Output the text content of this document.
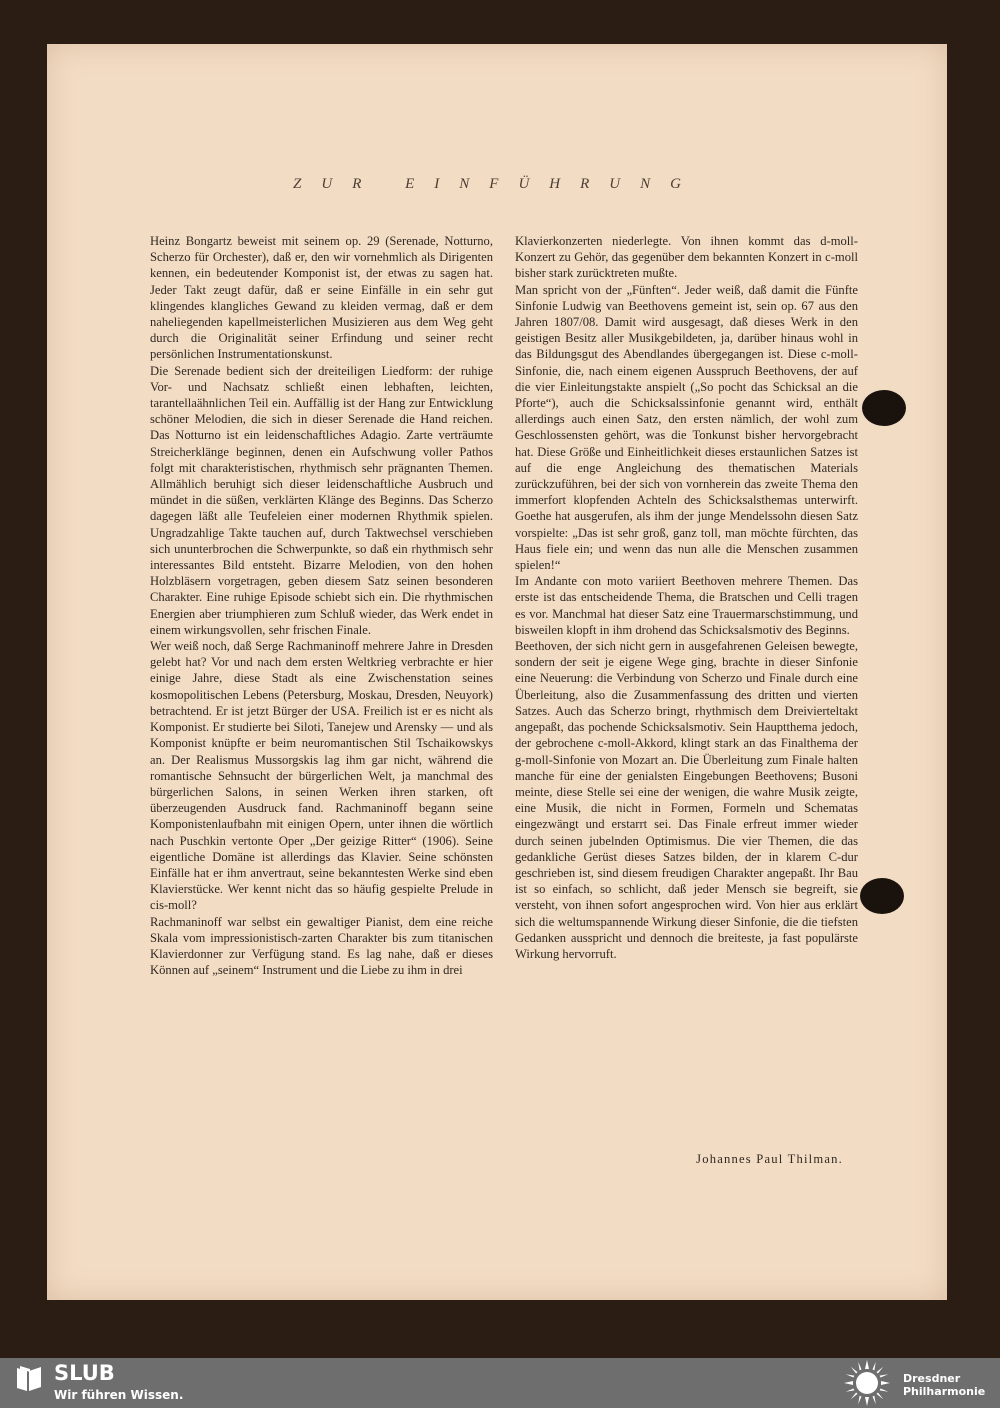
ZUR EINFÜHRUNG

Heinz Bongartz beweist mit seinem op. 29 (Serenade, Notturno, Scherzo für Orchester), daß er, den wir vornehmlich als Dirigenten kennen, ein bedeutender Komponist ist, der etwas zu sagen hat. Jeder Takt zeugt dafür, daß er seine Einfälle in ein sehr gut klingendes klangliches Gewand zu kleiden vermag, daß er dem naheliegenden kapellmeisterlichen Musizieren aus dem Weg geht durch die Originalität seiner Erfindung und seiner recht persönlichen Instrumentationskunst.

Die Serenade bedient sich der dreiteiligen Liedform: der ruhige Vor- und Nachsatz schließt einen lebhaften, leichten, tarantellaähnlichen Teil ein. Auffällig ist der Hang zur Entwicklung schöner Melodien, die sich in dieser Serenade die Hand reichen. Das Notturno ist ein leidenschaftliches Adagio. Zarte verträumte Streicherklänge beginnen, denen ein Aufschwung voller Pathos folgt mit charakteristischen, rhythmisch sehr prägnanten Themen. Allmählich beruhigt sich dieser leidenschaftliche Ausbruch und mündet in die süßen, verklärten Klänge des Beginns. Das Scherzo dagegen läßt alle Teufeleien einer modernen Rhythmik spielen. Ungradzahlige Takte tauchen auf, durch Taktwechsel verschieben sich ununterbrochen die Schwerpunkte, so daß ein rhythmisch sehr interessantes Bild entsteht. Bizarre Melodien, von den hohen Holzbläsern vorgetragen, geben diesem Satz seinen besonderen Charakter. Eine ruhige Episode schiebt sich ein. Die rhythmischen Energien aber triumphieren zum Schluß wieder, das Werk endet in einem wirkungsvollen, sehr frischen Finale.

Wer weiß noch, daß Serge Rachmaninoff mehrere Jahre in Dresden gelebt hat? Vor und nach dem ersten Weltkrieg verbrachte er hier einige Jahre, diese Stadt als eine Zwischenstation seines kosmopolitischen Lebens (Petersburg, Moskau, Dresden, Neuyork) betrachtend. Er ist jetzt Bürger der USA. Freilich ist er es nicht als Komponist. Er studierte bei Siloti, Tanejew und Arensky — und als Komponist knüpfte er beim neuromantischen Stil Tschaikowskys an. Der Realismus Mussorgskis lag ihm gar nicht, während die romantische Sehnsucht der bürgerlichen Welt, ja manchmal des bürgerlichen Salons, in seinen Werken ihren starken, oft überzeugenden Ausdruck fand. Rachmaninoff begann seine Komponistenlaufbahn mit einigen Opern, unter ihnen die wörtlich nach Puschkin vertonte Oper „Der geizige Ritter“ (1906). Seine eigentliche Domäne ist allerdings das Klavier. Seine schönsten Einfälle hat er ihm anvertraut, seine bekanntesten Werke sind eben Klavierstücke. Wer kennt nicht das so häufig gespielte Prelude in cis-moll?

Rachmaninoff war selbst ein gewaltiger Pianist, dem eine reiche Skala vom impressionistisch-zarten Charakter bis zum titanischen Klavierdonner zur Verfügung stand. Es lag nahe, daß er dieses Können auf „seinem“ Instrument und die Liebe zu ihm in drei

Klavierkonzerten niederlegte. Von ihnen kommt das d-moll-Konzert zu Gehör, das gegenüber dem bekannten Konzert in c-moll bisher stark zurücktreten mußte.

Man spricht von der „Fünften“. Jeder weiß, daß damit die Fünfte Sinfonie Ludwig van Beethovens gemeint ist, sein op. 67 aus den Jahren 1807/08. Damit wird ausgesagt, daß dieses Werk in den geistigen Besitz aller Musikgebildeten, ja, darüber hinaus wohl in das Bildungsgut des Abendlandes übergegangen ist. Diese c-moll-Sinfonie, die, nach einem eigenen Ausspruch Beethovens, der auf die vier Einleitungstakte anspielt („So pocht das Schicksal an die Pforte“), auch die Schicksalssinfonie genannt wird, enthält allerdings auch einen Satz, den ersten nämlich, der wohl zum Geschlossensten gehört, was die Tonkunst bisher hervorgebracht hat. Diese Größe und Einheitlichkeit dieses erstaunlichen Satzes ist auf die enge Angleichung des thematischen Materials zurückzuführen, bei der sich von vornherein das zweite Thema den immerfort klopfenden Achteln des Schicksalsthemas unterwirft. Goethe hat ausgerufen, als ihm der junge Mendelssohn diesen Satz vorspielte: „Das ist sehr groß, ganz toll, man möchte fürchten, das Haus fiele ein; und wenn das nun alle die Menschen zusammen spielen!“

Im Andante con moto variiert Beethoven mehrere Themen. Das erste ist das entscheidende Thema, die Bratschen und Celli tragen es vor. Manchmal hat dieser Satz eine Trauermarschstimmung, und bisweilen klopft in ihm drohend das Schicksalsmotiv des Beginns.

Beethoven, der sich nicht gern in ausgefahrenen Geleisen bewegte, sondern der seit je eigene Wege ging, brachte in dieser Sinfonie eine Neuerung: die Verbindung von Scherzo und Finale durch eine Überleitung, also die Zusammenfassung des dritten und vierten Satzes. Auch das Scherzo bringt, rhythmisch dem Dreivierteltakt angepaßt, das pochende Schicksalsmotiv. Sein Hauptthema jedoch, der gebrochene c-moll-Akkord, klingt stark an das Finalthema der g-moll-Sinfonie von Mozart an. Die Überleitung zum Finale halten manche für eine der genialsten Eingebungen Beethovens; Busoni meinte, diese Stelle sei eine der wenigen, die wahre Musik zeigte, eine Musik, die nicht in Formen, Formeln und Schematas eingezwängt und erstarrt sei. Das Finale erfreut immer wieder durch seinen jubelnden Optimismus. Die vier Themen, die das gedankliche Gerüst dieses Satzes bilden, der in klarem C-dur geschrieben ist, sind diesem freudigen Charakter angepaßt. Ihr Bau ist so einfach, so schlicht, daß jeder Mensch sie begreift, sie versteht, von ihnen sofort angesprochen wird. Von hier aus erklärt sich die weltumspannende Wirkung dieser Sinfonie, die die tiefsten Gedanken ausspricht und dennoch die breiteste, ja fast populärste Wirkung hervorruft.

Johannes Paul Thilman.
SLUB
Wir führen Wissen.
Dresdner
Philharmonie
